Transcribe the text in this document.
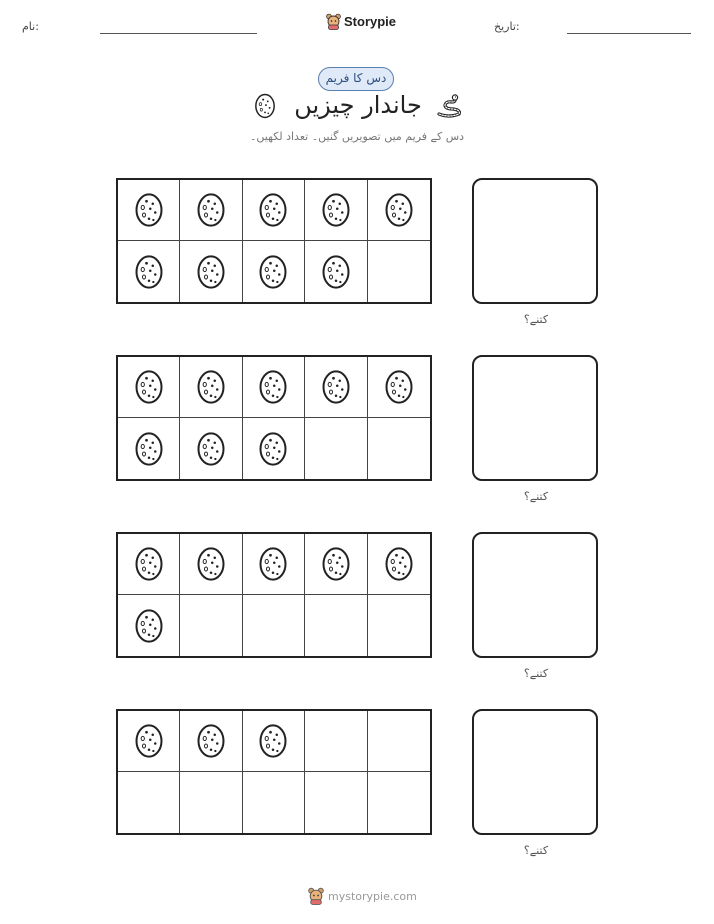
نام:	Storypie	تاریخ:
دس کا فریم
جاندار چیزیں
دس کے فریم میں تصویریں گنیں۔ تعداد لکھیں۔
کتنے؟
کتنے؟
کتنے؟
کتنے؟
mystorypie.com
